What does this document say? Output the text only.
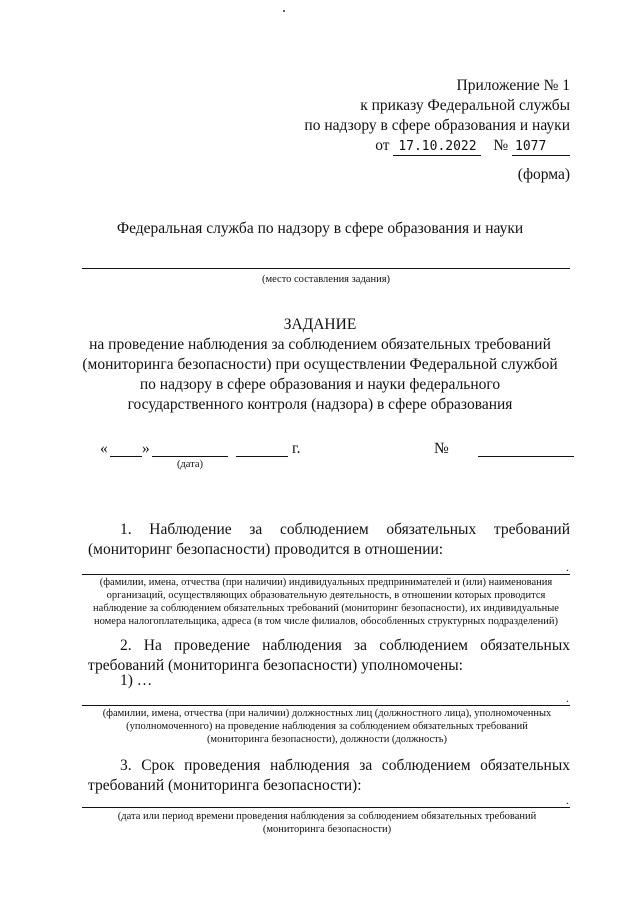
Приложение № 1
к приказу Федеральной службы
по надзору в сфере образования и науки
от 17.10.2022 № 1077
(форма)
Федеральная служба по надзору в сфере образования и науки
(место составления задания)
ЗАДАНИЕ
на проведение наблюдения за соблюдением обязательных требований (мониторинга безопасности) при осуществлении Федеральной службой по надзору в сфере образования и науки федерального государственного контроля (надзора) в сфере образования
« »	г.
(дата)
№
1. Наблюдение за соблюдением обязательных требований (мониторинг безопасности) проводится в отношении:
.
(фамилии, имена, отчества (при наличии) индивидуальных предпринимателей и (или) наименования организаций, осуществляющих образовательную деятельность, в отношении которых проводится наблюдение за соблюдением обязательных требований (мониторинг безопасности), их индивидуальные номера налогоплательщика, адреса (в том числе филиалов, обособленных структурных подразделений)
2. На проведение наблюдения за соблюдением обязательных требований (мониторинга безопасности) уполномочены:
1) …
.
(фамилии, имена, отчества (при наличии) должностных лиц (должностного лица), уполномоченных (уполномоченного) на проведение наблюдения за соблюдением обязательных требований (мониторинга безопасности), должности (должность)
3. Срок проведения наблюдения за соблюдением обязательных требований (мониторинга безопасности):
.
(дата или период времени проведения наблюдения за соблюдением обязательных требований (мониторинга безопасности)
